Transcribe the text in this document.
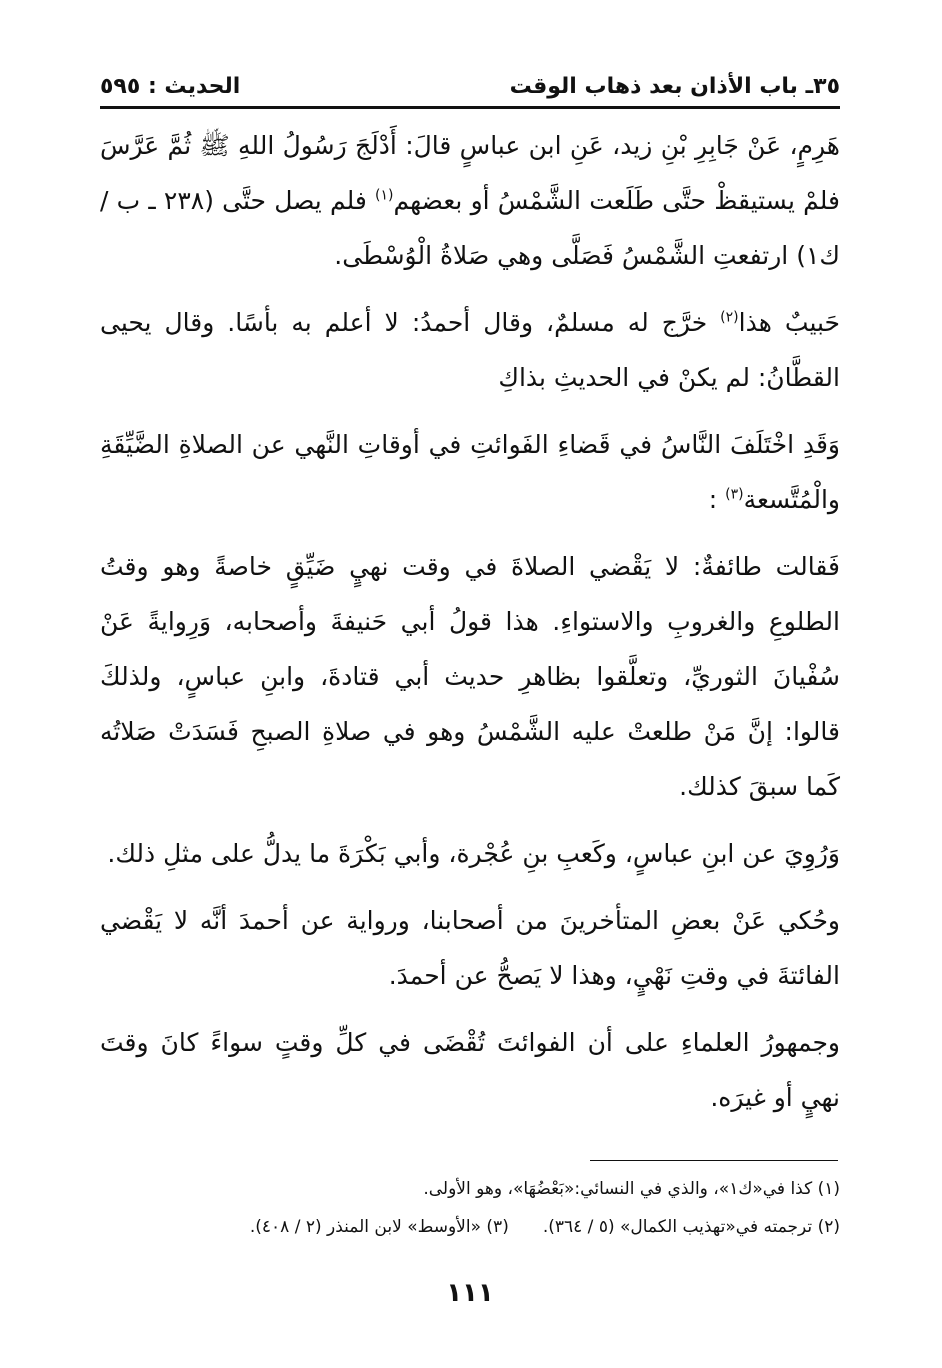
٣٥ـ باب الأذان بعد ذهاب الوقت
الحديث : ٥٩٥

هَرِمٍ، عَنْ جَابِرِ بْنِ زيد، عَنِ ابن عباسٍ قالَ: أَدْلَجَ رَسُولُ اللهِ ﷺ ثُمَّ عَرَّسَ فلمْ يستيقظْ حتَّى طَلَعت الشَّمْسُ أو بعضهم$^{(١)}$ فلم يصل حتَّى (٢٣٨ ـ ب / ك١) ارتفعتِ الشَّمْسُ فَصَلَّى وهي صَلاةُ الْوُسْطَى.

حَبيبٌ هذا$^{(٢)}$ خرَّج له مسلمٌ، وقال أحمدُ: لا أعلم به بأسًا. وقال يحيى القطَّانُ: لم يكنْ في الحديثِ بذاكِ

وَقَدِ اخْتَلَفَ النَّاسُ في قَضاءِ الفَوائتِ في أوقاتِ النَّهي عن الصلاةِ الضَّيِّقَةِ والْمُتَّسعة$^{(٣)}$ :

فَقالت طائفةٌ: لا يَقْضي الصلاةَ في وقت نهيٍ ضَيِّقٍ خاصةً وهو وقتُ الطلوعِ والغروبِ والاستواءِ. هذا قولُ أبي حَنيفةَ وأصحابه، وَرِوايةً عَنْ سُفْيانَ الثوريِّ، وتعلَّقوا بظاهرِ حديث أبي قتادةَ، وابنِ عباسٍ، ولذلكَ قالوا: إنَّ مَنْ طلعتْ عليه الشَّمْسُ وهو في صلاةِ الصبحِ فَسَدَتْ صَلاتُه كَما سبقَ كذلك.

وَرُوِيَ عن ابنِ عباسٍ، وكَعبِ بنِ عُجْرة، وأبي بَكْرَةَ ما يدلُّ على مثلِ ذلك.

وحُكي عَنْ بعضِ المتأخرينَ من أصحابنا، ورواية عن أحمدَ أنَّه لا يَقْضي الفائتةَ في وقتِ نَهْيٍ، وهذا لا يَصحُّ عن أحمدَ.

وجمهورُ العلماءِ على أن الفوائتَ تُقْضَى في كلِّ وقتٍ سواءً كانَ وقتَ نهيٍ أو غيرَه.

(١) كذا في«ك١»، والذي في النسائي:«بَعْضُهَا»، وهو الأولى.
(٢) ترجمته في«تهذيب الكمال» (٥ / ٣٦٤).(٣) «الأوسط» لابن المنذر (٢ / ٤٠٨).
١١١
